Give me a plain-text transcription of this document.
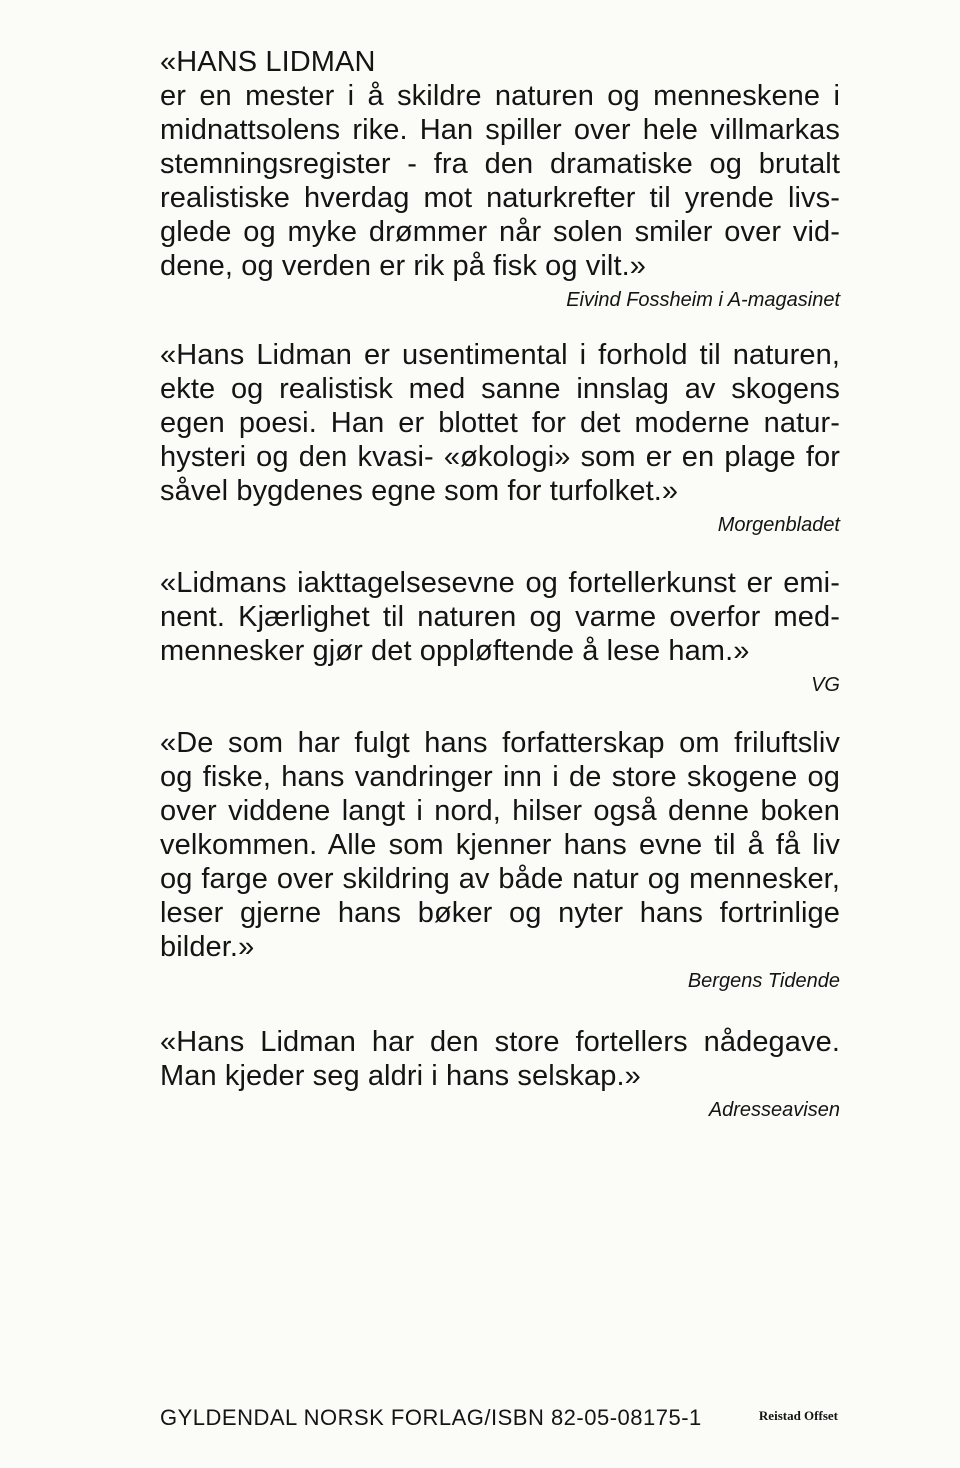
«HANS LIDMAN
er en mester i å skildre naturen og menneskene i
midnattsolens rike. Han spiller over hele villmarkas
stemningsregister - fra den dramatiske og brutalt
realistiske hverdag mot naturkrefter til yrende livs-
glede og myke drømmer når solen smiler over vid-
dene, og verden er rik på fisk og vilt.»
Eivind Fossheim i A-magasinet
«Hans Lidman er usentimental i forhold til naturen,
ekte og realistisk med sanne innslag av skogens
egen poesi. Han er blottet for det moderne natur-
hysteri og den kvasi- «økologi» som er en plage for
såvel bygdenes egne som for turfolket.»
Morgenbladet
«Lidmans iakttagelsesevne og fortellerkunst er emi-
nent. Kjærlighet til naturen og varme overfor med-
mennesker gjør det oppløftende å lese ham.»
VG
«De som har fulgt hans forfatterskap om friluftsliv
og fiske, hans vandringer inn i de store skogene og
over viddene langt i nord, hilser også denne boken
velkommen. Alle som kjenner hans evne til å få liv
og farge over skildring av både natur og mennesker,
leser gjerne hans bøker og nyter hans fortrinlige
bilder.»
Bergens Tidende
«Hans Lidman har den store fortellers nådegave.
Man kjeder seg aldri i hans selskap.»
Adresseavisen
GYLDENDAL NORSK FORLAG/ISBN 82-05-08175-1	Reistad Offset
